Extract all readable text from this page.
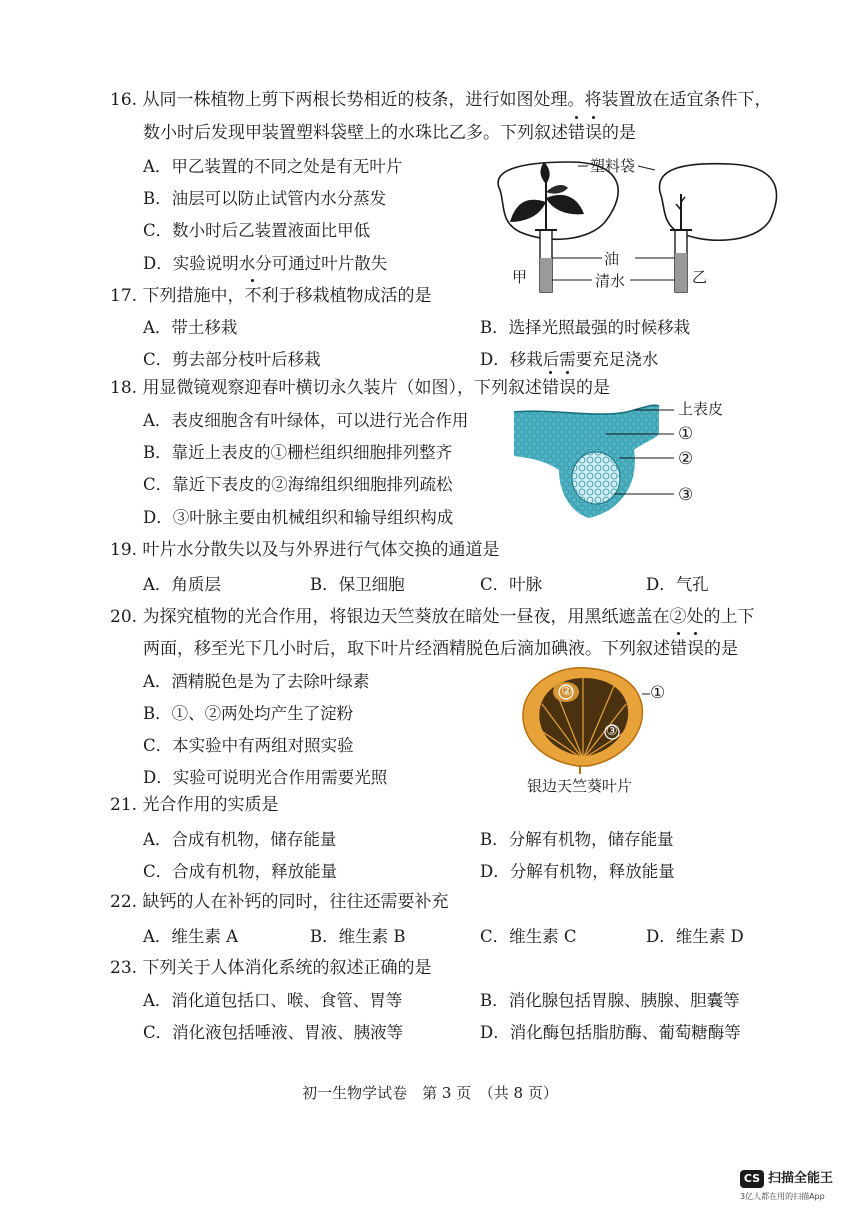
16. 从同一株植物上剪下两根长势相近的枝条，进行如图处理。将装置放在适宜条件下，
数小时后发现甲装置塑料袋壁上的水珠比乙多。下列叙述错误的是
A．甲乙装置的不同之处是有无叶片
B．油层可以防止试管内水分蒸发
C．数小时后乙装置液面比甲低
D．实验说明水分可通过叶片散失
塑料袋
油
清水
甲	乙
17. 下列措施中，不利于移栽植物成活的是
A．带土移栽	B．选择光照最强的时候移栽
C．剪去部分枝叶后移栽	D．移栽后需要充足浇水
18. 用显微镜观察迎春叶横切永久装片（如图），下列叙述错误的是
A．表皮细胞含有叶绿体，可以进行光合作用
B．靠近上表皮的①栅栏组织细胞排列整齐
C．靠近下表皮的②海绵组织细胞排列疏松
D．③叶脉主要由机械组织和输导组织构成
上表皮
①
②
③
19. 叶片水分散失以及与外界进行气体交换的通道是
A．角质层	B．保卫细胞	C．叶脉	D．气孔
20. 为探究植物的光合作用，将银边天竺葵放在暗处一昼夜，用黑纸遮盖在②处的上下
两面，移至光下几小时后，取下叶片经酒精脱色后滴加碘液。下列叙述错误的是
A．酒精脱色是为了去除叶绿素
B．①、②两处均产生了淀粉
C．本实验中有两组对照实验
D．实验可说明光合作用需要光照
②
③
①
银边天竺葵叶片
21. 光合作用的实质是
A．合成有机物，储存能量	B．分解有机物，储存能量
C．合成有机物，释放能量	D．分解有机物，释放能量
22. 缺钙的人在补钙的同时，往往还需要补充
A．维生素 A	B．维生素 B	C．维生素 C	D．维生素 D
23. 下列关于人体消化系统的叙述正确的是
A．消化道包括口、喉、食管、胃等	B．消化腺包括胃腺、胰腺、胆囊等
C．消化液包括唾液、胃液、胰液等	D．消化酶包括脂肪酶、葡萄糖酶等
初一生物学试卷　第 3 页　（共 8 页）
CS 扫描全能王
3亿人都在用的扫描App
